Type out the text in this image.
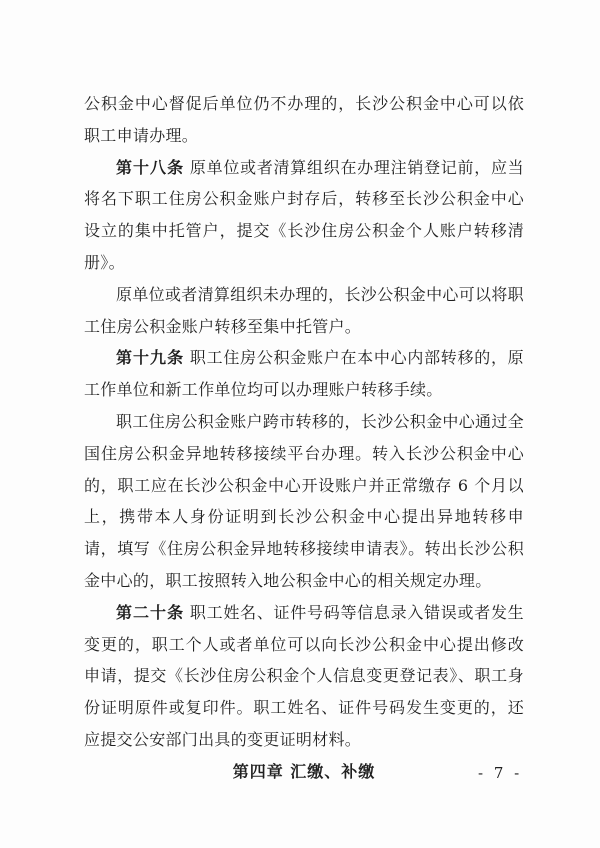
公积金中心督促后单位仍不办理的，长沙公积金中心可以依职工申请办理。

第十八条 原单位或者清算组织在办理注销登记前，应当将名下职工住房公积金账户封存后，转移至长沙公积金中心设立的集中托管户，提交《长沙住房公积金个人账户转移清册》。

原单位或者清算组织未办理的，长沙公积金中心可以将职工住房公积金账户转移至集中托管户。

第十九条 职工住房公积金账户在本中心内部转移的，原工作单位和新工作单位均可以办理账户转移手续。

职工住房公积金账户跨市转移的，长沙公积金中心通过全国住房公积金异地转移接续平台办理。转入长沙公积金中心的，职工应在长沙公积金中心开设账户并正常缴存 6 个月以上，携带本人身份证明到长沙公积金中心提出异地转移申请，填写《住房公积金异地转移接续申请表》。转出长沙公积金中心的，职工按照转入地公积金中心的相关规定办理。

第二十条 职工姓名、证件号码等信息录入错误或者发生变更的，职工个人或者单位可以向长沙公积金中心提出修改申请，提交《长沙住房公积金个人信息变更登记表》、职工身份证明原件或复印件。职工姓名、证件号码发生变更的，还应提交公安部门出具的变更证明材料。

第四章 汇缴、补缴	- 7 -
